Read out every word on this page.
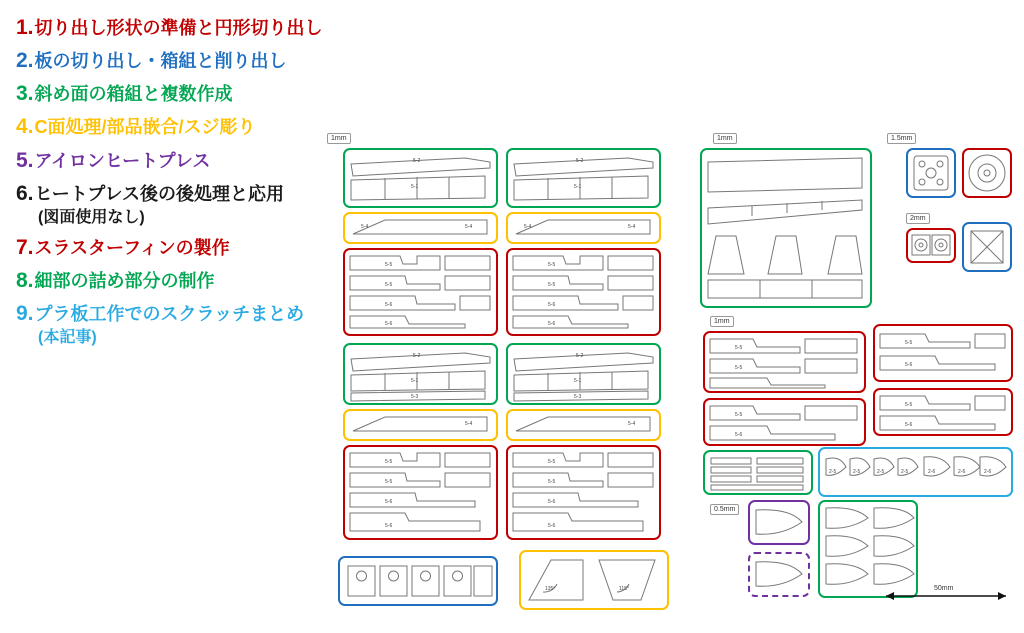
1. 切り出し形状の準備と円形切り出し
2. 板の切り出し・箱組と削り出し
3. 斜め面の箱組と複数作成
4. C面処理/部品嵌合/スジ彫り
5. アイロンヒートプレス
6. ヒートプレス後の後処理と応用
(図面使用なし)
7. スラスターフィンの製作
8. 細部の詰め部分の制作
9. プラ板工作でのスクラッチまとめ
(本記事)
1mm
5-2
5-1
5-2
5-1
5-4	5-4	5-4	5-4
5-5
5-5
5-6
5-6
5-5
5-5
5-6
5-6
5-2
5-1
5-3
5-2
5-1
5-3
5-4	5-4
5-5
5-5
5-6
5-6
5-5
5-5
5-6
5-6
135°	115°
1mm	1.5mm
2mm
1mm
5-5
5-5
5-5
5-6
5-5
5-6
5-5
5-6
2-5	2-5	2-5	2-5	2-6	2-6	2-6
0.5mm
50mm
